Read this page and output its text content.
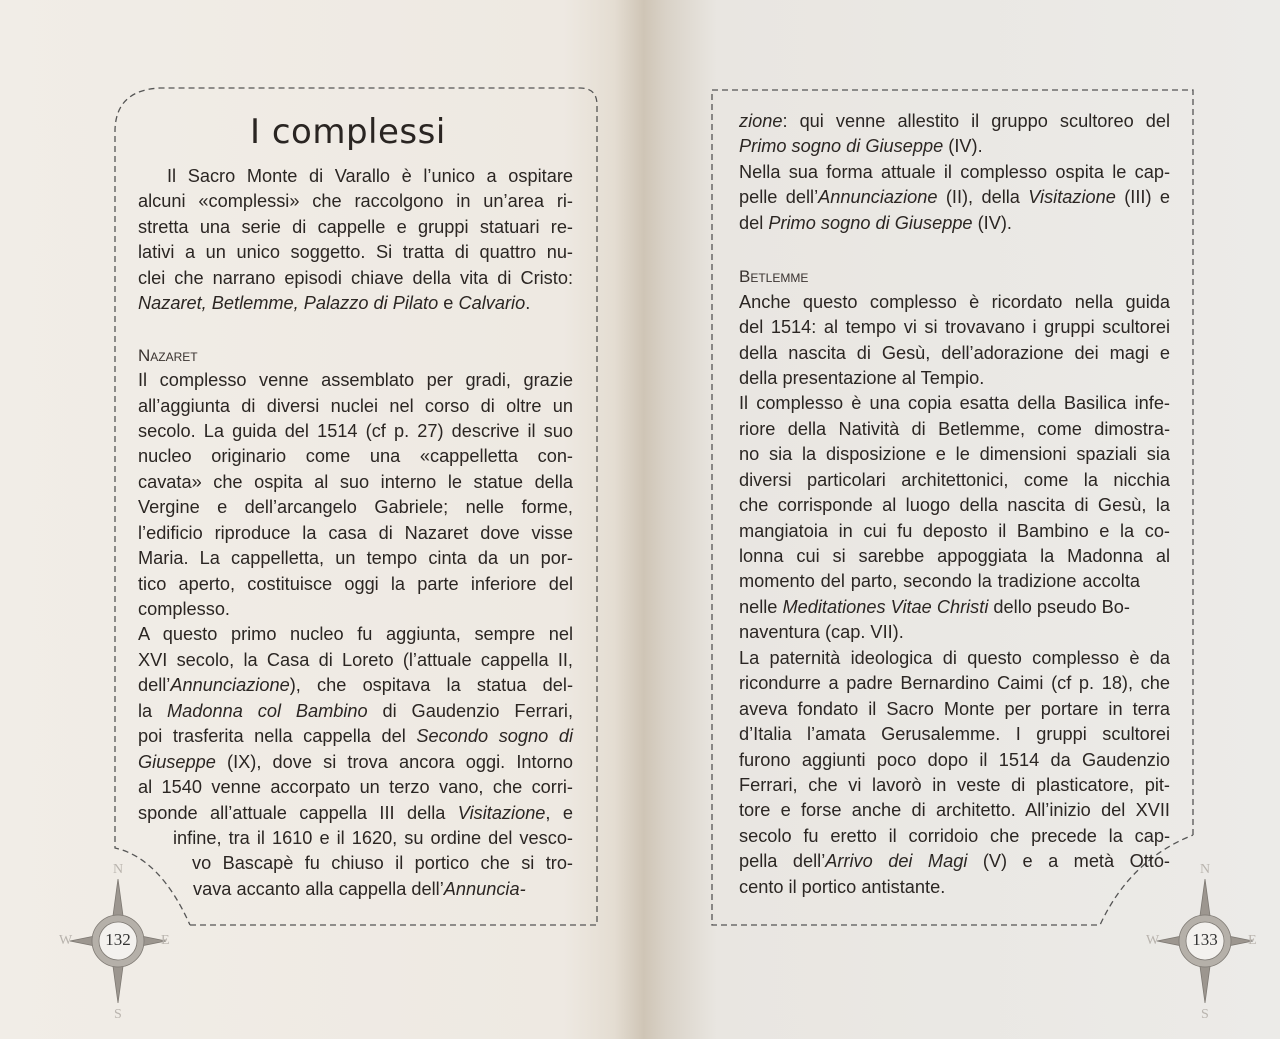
I complessi
Il Sacro Monte di Varallo è l’unico a ospitare
alcuni «complessi» che raccolgono in un’area ri-
stretta una serie di cappelle e gruppi statuari re-
lativi a un unico soggetto. Si tratta di quattro nu-
clei che narrano episodi chiave della vita di Cristo:
Nazaret, Betlemme, Palazzo di Pilato e Calvario.
Nazaret
Il complesso venne assemblato per gradi, grazie
all’aggiunta di diversi nuclei nel corso di oltre un
secolo. La guida del 1514 (cf p. 27) descrive il suo
nucleo originario come una «cappelletta con-
cavata» che ospita al suo interno le statue della
Vergine e dell’arcangelo Gabriele; nelle forme,
l’edificio riproduce la casa di Nazaret dove visse
Maria. La cappelletta, un tempo cinta da un por-
tico aperto, costituisce oggi la parte inferiore del
complesso.
A questo primo nucleo fu aggiunta, sempre nel
XVI secolo, la Casa di Loreto (l’attuale cappella II,
dell’Annunciazione), che ospitava la statua del-
la Madonna col Bambino di Gaudenzio Ferrari,
poi trasferita nella cappella del Secondo sogno di
Giuseppe (IX), dove si trova ancora oggi. Intorno
al 1540 venne accorpato un terzo vano, che corri-
sponde all’attuale cappella III della Visitazione, e
infine, tra il 1610 e il 1620, su ordine del vesco-
vo Bascapè fu chiuso il portico che si tro-
vava accanto alla cappella dell’Annuncia-
zione: qui venne allestito il gruppo scultoreo del
Primo sogno di Giuseppe (IV).
Nella sua forma attuale il complesso ospita le cap-
pelle dell’Annunciazione (II), della Visitazione (III) e
del Primo sogno di Giuseppe (IV).
Betlemme
Anche questo complesso è ricordato nella guida
del 1514: al tempo vi si trovavano i gruppi scultorei
della nascita di Gesù, dell’adorazione dei magi e
della presentazione al Tempio.
Il complesso è una copia esatta della Basilica infe-
riore della Natività di Betlemme, come dimostra-
no sia la disposizione e le dimensioni spaziali sia
diversi particolari architettonici, come la nicchia
che corrisponde al luogo della nascita di Gesù, la
mangiatoia in cui fu deposto il Bambino e la co-
lonna cui si sarebbe appoggiata la Madonna al
momento del parto, secondo la tradizione accolta
nelle Meditationes Vitae Christi dello pseudo Bo-
naventura (cap. VII).
La paternità ideologica di questo complesso è da
ricondurre a padre Bernardino Caimi (cf p. 18), che
aveva fondato il Sacro Monte per portare in terra
d’Italia l’amata Gerusalemme. I gruppi scultorei
furono aggiunti poco dopo il 1514 da Gaudenzio
Ferrari, che vi lavorò in veste di plasticatore, pit-
tore e forse anche di architetto. All’inizio del XVII
secolo fu eretto il corridoio che precede la cap-
pella dell’Arrivo dei Magi (V) e a metà Otto-
cento il portico antistante.
132
N
E
S
W	133
N
E
S
W
